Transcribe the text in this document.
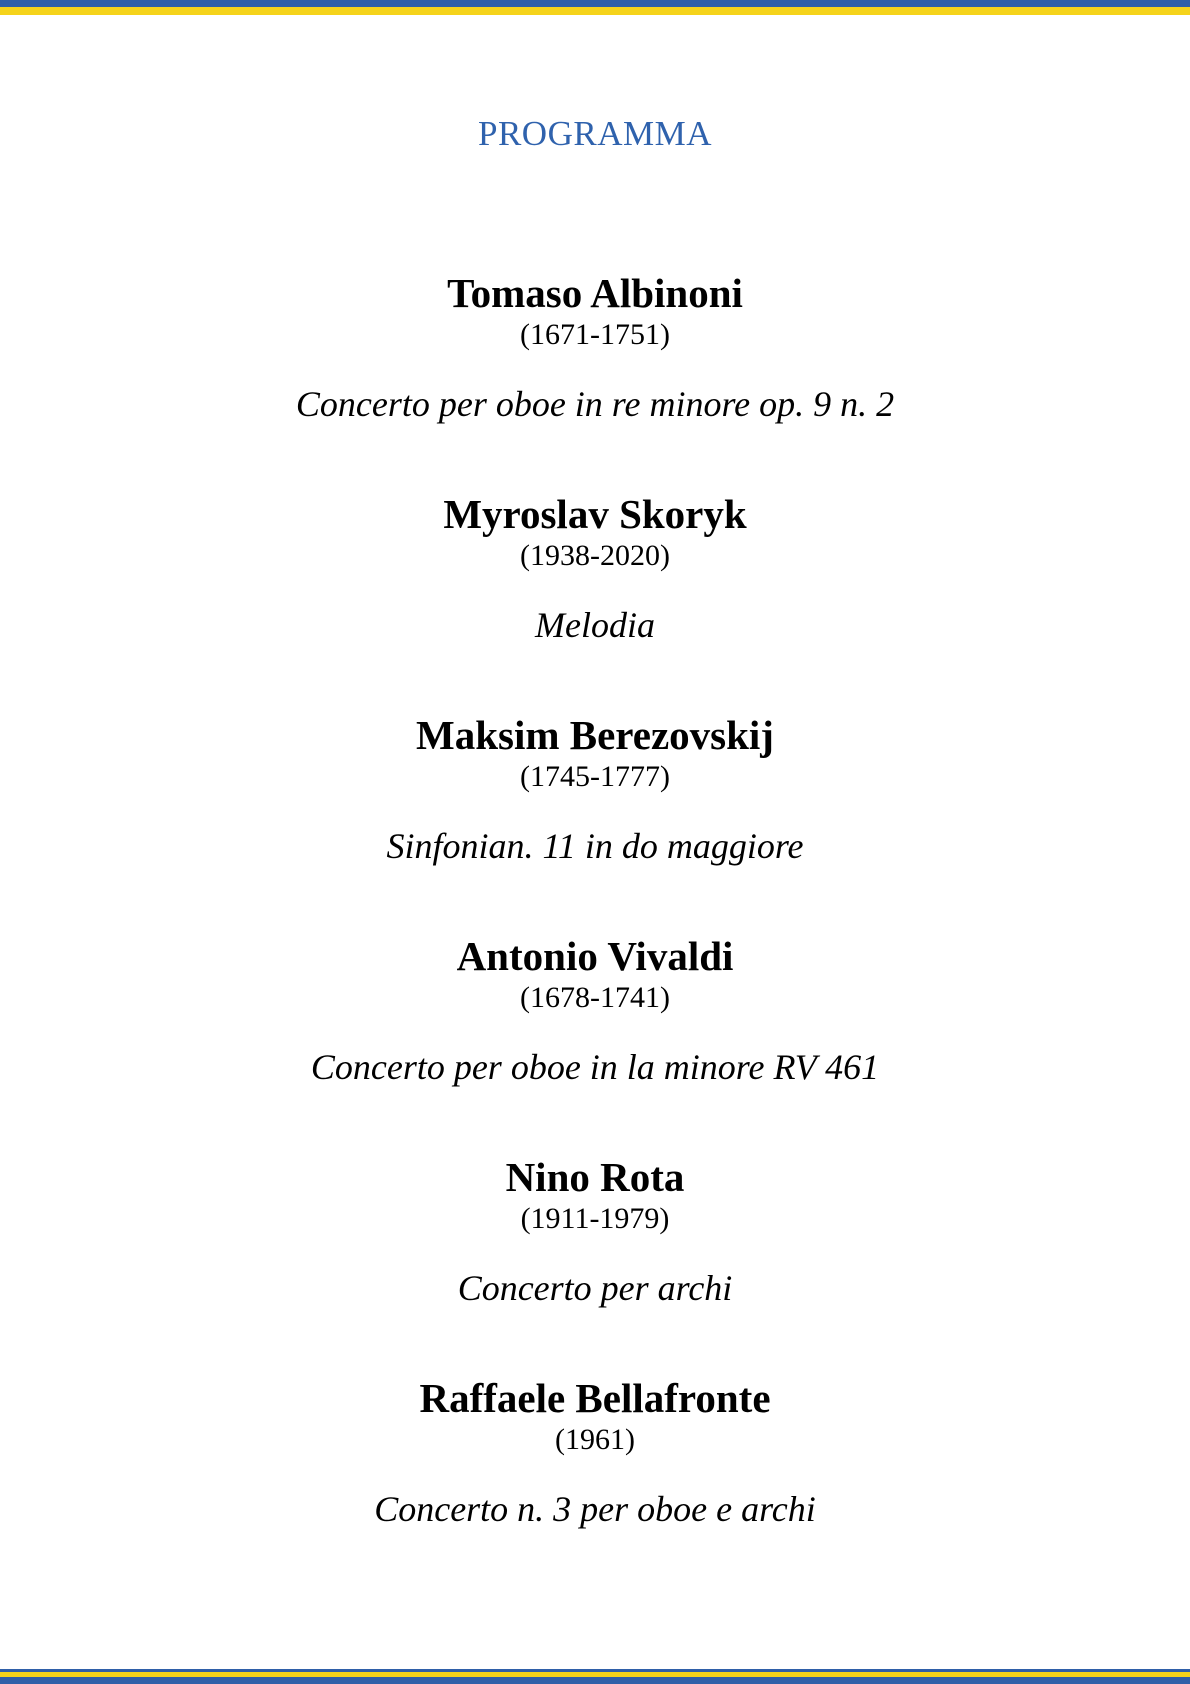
PROGRAMMA
Tomaso Albinoni
(1671-1751)
Concerto per oboe in re minore op. 9 n. 2
Myroslav Skoryk
(1938-2020)
Melodia
Maksim Berezovskij
(1745-1777)
Sinfonian. 11 in do maggiore
Antonio Vivaldi
(1678-1741)
Concerto per oboe in la minore RV 461
Nino Rota
(1911-1979)
Concerto per archi
Raffaele Bellafronte
(1961)
Concerto n. 3 per oboe e archi
